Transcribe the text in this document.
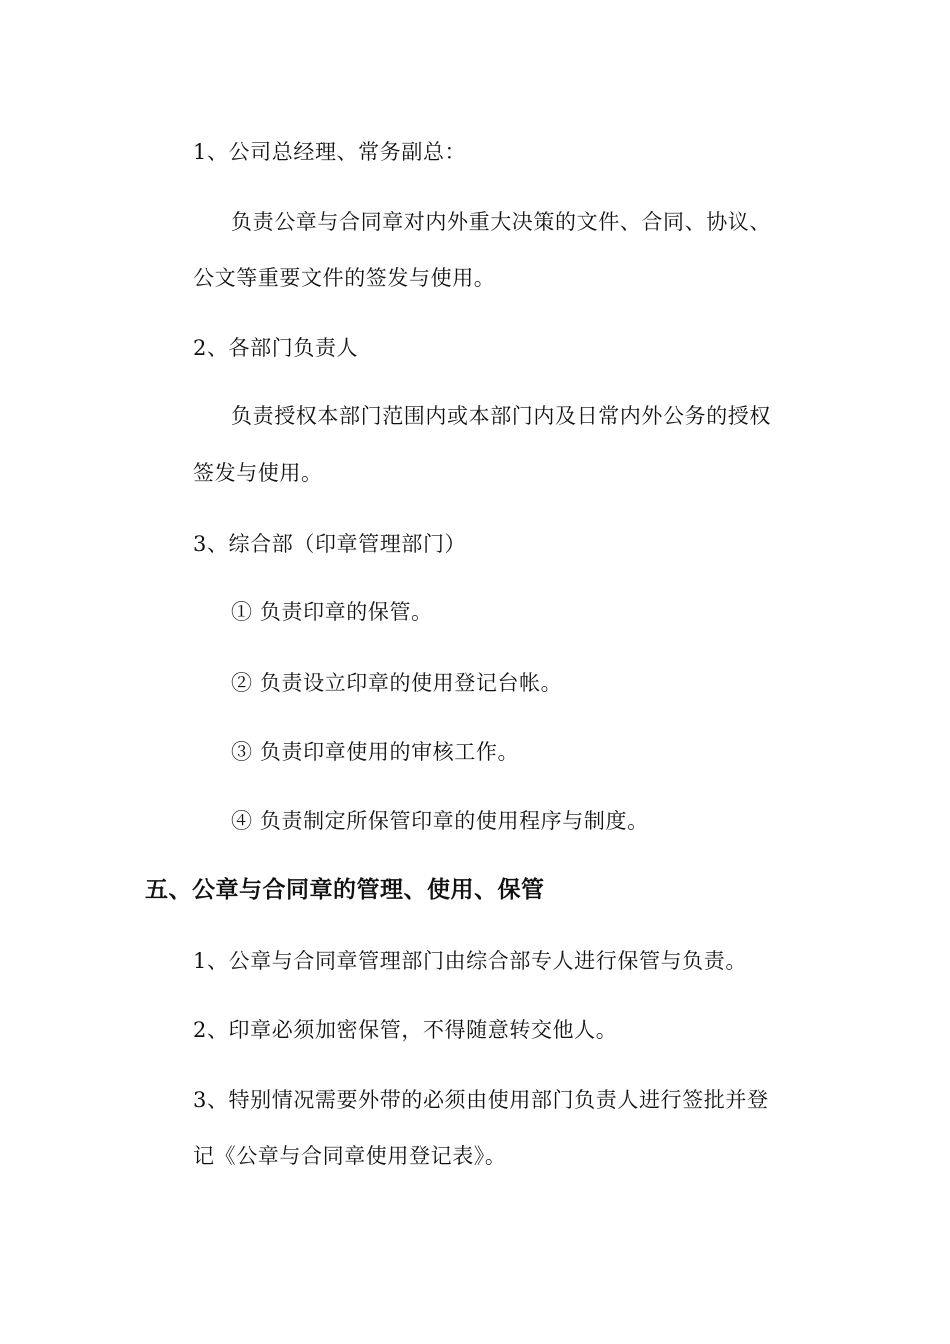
1、公司总经理、常务副总：
负责公章与合同章对内外重大决策的文件、合同、协议、
公文等重要文件的签发与使用。
2、各部门负责人
负责授权本部门范围内或本部门内及日常内外公务的授权
签发与使用。
3、综合部（印章管理部门）
① 负责印章的保管。
② 负责设立印章的使用登记台帐。
③ 负责印章使用的审核工作。
④ 负责制定所保管印章的使用程序与制度。
五、公章与合同章的管理、使用、保管
1、公章与合同章管理部门由综合部专人进行保管与负责。
2、印章必须加密保管，不得随意转交他人。
3、特别情况需要外带的必须由使用部门负责人进行签批并登
记《公章与合同章使用登记表》。
